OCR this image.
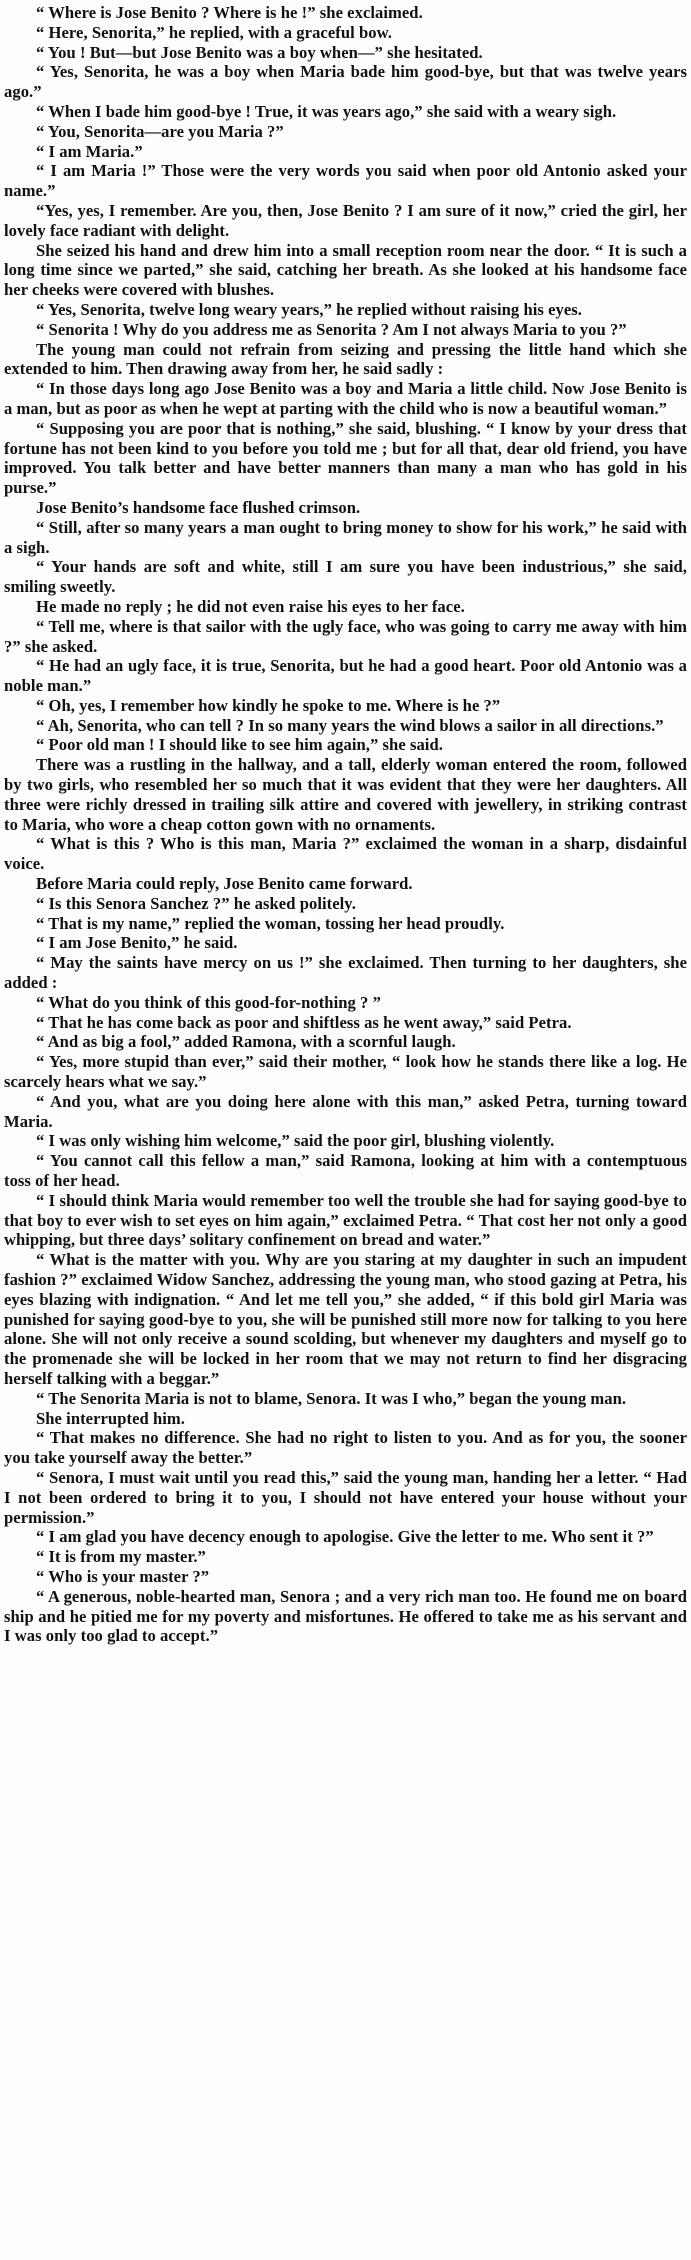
“ Where is Jose Benito ? Where is he !” she exclaimed.

“ Here, Senorita,” he replied, with a graceful bow.

“ You ! But—but Jose Benito was a boy when—” she hesitated.

“ Yes, Senorita, he was a boy when Maria bade him good-bye, but that was twelve years ago.”

“ When I bade him good-bye ! True, it was years ago,” she said with a weary sigh.

“ You, Senorita—are you Maria ?”

“ I am Maria.”

“ I am Maria !” Those were the very words you said when poor old Antonio asked your name.”

“Yes, yes, I remember. Are you, then, Jose Benito ? I am sure of it now,” cried the girl, her lovely face radiant with delight.

She seized his hand and drew him into a small reception room near the door. “ It is such a long time since we parted,” she said, catching her breath. As she looked at his handsome face her cheeks were covered with blushes.

“ Yes, Senorita, twelve long weary years,” he replied without raising his eyes.

“ Senorita ! Why do you address me as Senorita ? Am I not always Maria to you ?”

The young man could not refrain from seizing and pressing the little hand which she extended to him. Then drawing away from her, he said sadly :

“ In those days long ago Jose Benito was a boy and Maria a little child. Now Jose Benito is a man, but as poor as when he wept at parting with the child who is now a beautiful woman.”

“ Supposing you are poor that is nothing,” she said, blushing. “ I know by your dress that fortune has not been kind to you before you told me ; but for all that, dear old friend, you have improved. You talk better and have better manners than many a man who has gold in his purse.”

Jose Benito’s handsome face flushed crimson.

“ Still, after so many years a man ought to bring money to show for his work,” he said with a sigh.

“ Your hands are soft and white, still I am sure you have been industrious,” she said, smiling sweetly.

He made no reply ; he did not even raise his eyes to her face.

“ Tell me, where is that sailor with the ugly face, who was going to carry me away with him ?” she asked.

“ He had an ugly face, it is true, Senorita, but he had a good heart. Poor old Antonio was a noble man.”

“ Oh, yes, I remember how kindly he spoke to me. Where is he ?”

“ Ah, Senorita, who can tell ? In so many years the wind blows a sailor in all directions.”

“ Poor old man ! I should like to see him again,” she said.

There was a rustling in the hallway, and a tall, elderly woman entered the room, followed by two girls, who resembled her so much that it was evident that they were her daughters. All three were richly dressed in trailing silk attire and covered with jewellery, in striking contrast to Maria, who wore a cheap cotton gown with no ornaments.

“ What is this ? Who is this man, Maria ?” exclaimed the woman in a sharp, disdainful voice.

Before Maria could reply, Jose Benito came forward.

“ Is this Senora Sanchez ?” he asked politely.

“ That is my name,” replied the woman, tossing her head proudly.

“ I am Jose Benito,” he said.

“ May the saints have mercy on us !” she exclaimed. Then turning to her daughters, she added :

“ What do you think of this good-for-nothing ? ”

“ That he has come back as poor and shiftless as he went away,” said Petra.

“ And as big a fool,” added Ramona, with a scornful laugh.

“ Yes, more stupid than ever,” said their mother, “ look how he stands there like a log. He scarcely hears what we say.”

“ And you, what are you doing here alone with this man,” asked Petra, turning toward Maria.

“ I was only wishing him welcome,” said the poor girl, blushing violently.

“ You cannot call this fellow a man,” said Ramona, looking at him with a contemptuous toss of her head.

“ I should think Maria would remember too well the trouble she had for saying good-bye to that boy to ever wish to set eyes on him again,” exclaimed Petra. “ That cost her not only a good whipping, but three days’ solitary confinement on bread and water.”

“ What is the matter with you. Why are you staring at my daughter in such an impudent fashion ?” exclaimed Widow Sanchez, addressing the young man, who stood gazing at Petra, his eyes blazing with indignation. “ And let me tell you,” she added, “ if this bold girl Maria was punished for saying good-bye to you, she will be punished still more now for talking to you here alone. She will not only receive a sound scolding, but whenever my daughters and myself go to the promenade she will be locked in her room that we may not return to find her disgracing herself talking with a beggar.”

“ The Senorita Maria is not to blame, Senora. It was I who,” began the young man.

She interrupted him.

“ That makes no difference. She had no right to listen to you. And as for you, the sooner you take yourself away the better.”

“ Senora, I must wait until you read this,” said the young man, handing her a letter. “ Had I not been ordered to bring it to you, I should not have entered your house without your permission.”

“ I am glad you have decency enough to apologise. Give the letter to me. Who sent it ?”

“ It is from my master.”

“ Who is your master ?”

“ A generous, noble-hearted man, Senora ; and a very rich man too. He found me on board ship and he pitied me for my poverty and misfortunes. He offered to take me as his servant and I was only too glad to accept.”
